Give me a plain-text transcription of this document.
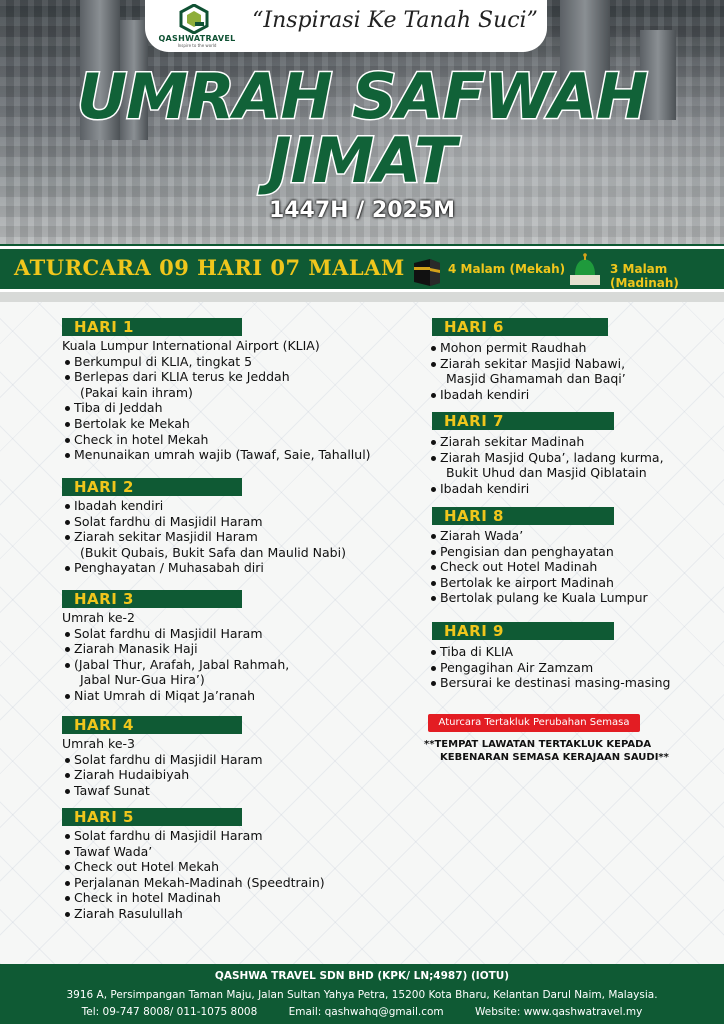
QASHWATRAVEL
Inspire to the world
“Inspirasi Ke Tanah Suci”
UMRAH SAFWAH
JIMAT
1447H / 2025M
ATURCARA 09 HARI 07 MALAM	4 Malam (Mekah)	3 Malam (Madinah)
HARI 1
Kuala Lumpur International Airport (KLIA)
Berkumpul di KLIA, tingkat 5
Berlepas dari KLIA terus ke Jeddah
(Pakai kain ihram)
Tiba di Jeddah
Bertolak ke Mekah
Check in hotel Mekah
Menunaikan umrah wajib (Tawaf, Saie, Tahallul)
HARI 2
Ibadah kendiri
Solat fardhu di Masjidil Haram
Ziarah sekitar Masjidil Haram
(Bukit Qubais, Bukit Safa dan Maulid Nabi)
Penghayatan / Muhasabah diri
HARI 3
Umrah ke-2
Solat fardhu di Masjidil Haram
Ziarah Manasik Haji
(Jabal Thur, Arafah, Jabal Rahmah,
Jabal Nur-Gua Hira’)
Niat Umrah di Miqat Ja’ranah
HARI 4
Umrah ke-3
Solat fardhu di Masjidil Haram
Ziarah Hudaibiyah
Tawaf Sunat
HARI 5
Solat fardhu di Masjidil Haram
Tawaf Wada’
Check out Hotel Mekah
Perjalanan Mekah-Madinah (Speedtrain)
Check in hotel Madinah
Ziarah Rasulullah
HARI 6
Mohon permit Raudhah
Ziarah sekitar Masjid Nabawi,
Masjid Ghamamah dan Baqi’
Ibadah kendiri
HARI 7
Ziarah sekitar Madinah
Ziarah Masjid Quba’, ladang kurma,
Bukit Uhud dan Masjid Qiblatain
Ibadah kendiri
HARI 8
Ziarah Wada’
Pengisian dan penghayatan
Check out Hotel Madinah
Bertolak ke airport Madinah
Bertolak pulang ke Kuala Lumpur
HARI 9
Tiba di KLIA
Pengagihan Air Zamzam
Bersurai ke destinasi masing-masing
Aturcara Tertakluk Perubahan Semasa
**TEMPAT LAWATAN TERTAKLUK KEPADA
KEBENARAN SEMASA KERAJAAN SAUDI**
QASHWA TRAVEL SDN BHD (KPK/ LN;4987) (IOTU)
3916 A, Persimpangan Taman Maju, Jalan Sultan Yahya Petra, 15200 Kota Bharu, Kelantan Darul Naim, Malaysia.
Tel: 09-747 8008/ 011-1075 8008	Email: qashwahq@gmail.com	Website: www.qashwatravel.my
